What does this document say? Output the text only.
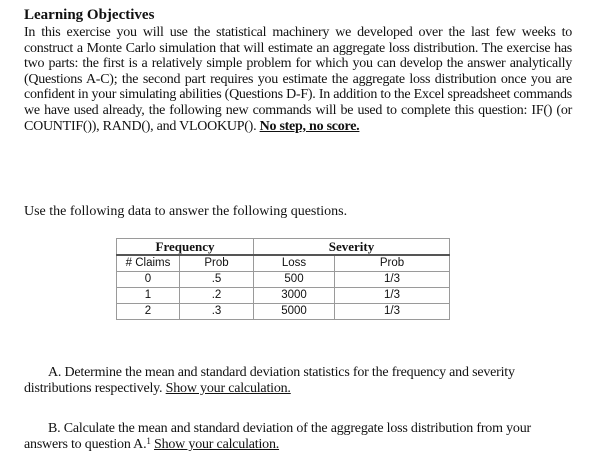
Learning Objectives
In this exercise you will use the statistical machinery we developed over the last few weeks to construct a Monte Carlo simulation that will estimate an aggregate loss distribution. The exercise has two parts: the first is a relatively simple problem for which you can develop the answer analytically (Questions A-C); the second part requires you estimate the aggregate loss distribution once you are confident in your simulating abilities (Questions D-F). In addition to the Excel spreadsheet commands we have used already, the following new commands will be used to complete this question: IF() (or COUNTIF()), RAND(), and VLOOKUP(). No step, no score.
Use the following data to answer the following questions.
Frequency		Severity	
# Claims	Prob	Loss	Prob
0	.5	500	1/3
1	.2	3000	1/3
2	.3	5000	1/3
A. Determine the mean and standard deviation statistics for the frequency and severity distributions respectively. Show your calculation.
B. Calculate the mean and standard deviation of the aggregate loss distribution from your answers to question A.$^1$ Show your calculation.
